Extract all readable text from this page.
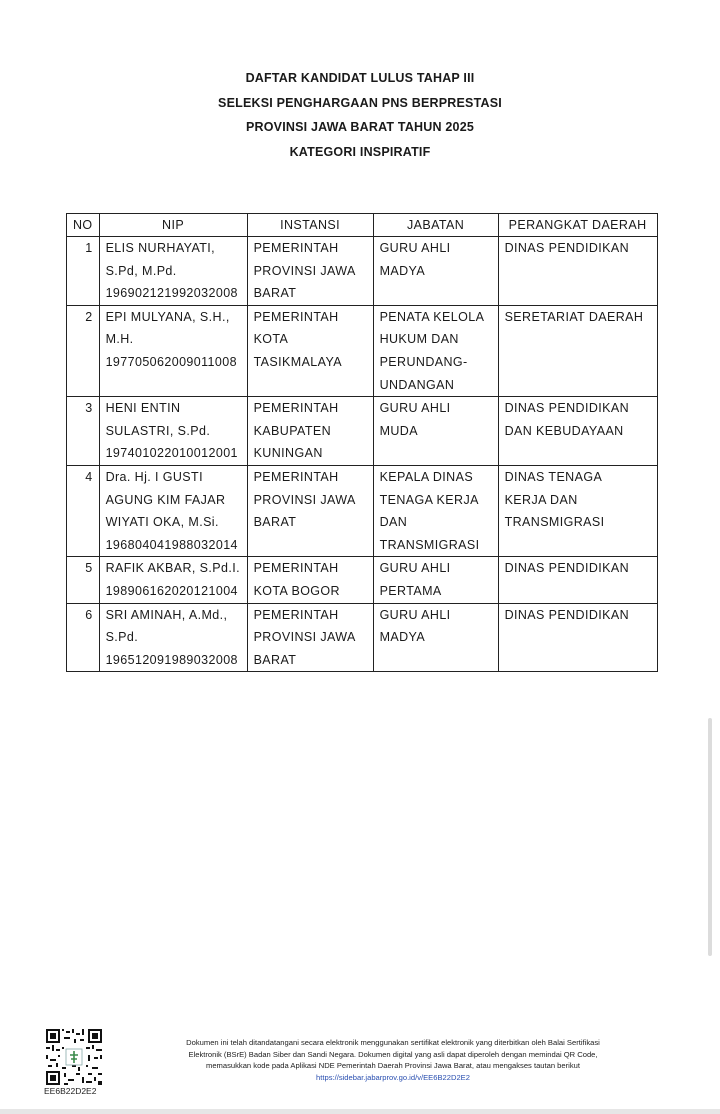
DAFTAR KANDIDAT LULUS TAHAP III
SELEKSI PENGHARGAAN PNS BERPRESTASI
PROVINSI JAWA BARAT TAHUN 2025
KATEGORI INSPIRATIF
NO	NIP	INSTANSI	JABATAN	PERANGKAT DAERAH
1	ELIS NURHAYATI,
S.Pd, M.Pd.
196902121992032008	PEMERINTAH
PROVINSI JAWA
BARAT	GURU AHLI
MADYA	DINAS PENDIDIKAN

2	EPI MULYANA, S.H.,
M.H.
197705062009011008	PEMERINTAH
KOTA
TASIKMALAYA	PENATA KELOLA
HUKUM DAN
PERUNDANG-
UNDANGAN	SERETARIAT DAERAH

3	HENI ENTIN
SULASTRI, S.Pd.
197401022010012001	PEMERINTAH
KABUPATEN
KUNINGAN	GURU AHLI
MUDA	DINAS PENDIDIKAN
DAN KEBUDAYAAN

4	Dra. Hj. I GUSTI
AGUNG KIM FAJAR
WIYATI OKA, M.Si.
196804041988032014	PEMERINTAH
PROVINSI JAWA
BARAT	KEPALA DINAS
TENAGA KERJA
DAN
TRANSMIGRASI	DINAS TENAGA
KERJA DAN
TRANSMIGRASI

5	RAFIK AKBAR, S.Pd.I.
198906162020121004	PEMERINTAH
KOTA BOGOR	GURU AHLI
PERTAMA	DINAS PENDIDIKAN

6	SRI AMINAH, A.Md.,
S.Pd.
196512091989032008	PEMERINTAH
PROVINSI JAWA
BARAT	GURU AHLI
MADYA	DINAS PENDIDIKAN
EE6B22D2E2
Dokumen ini telah ditandatangani secara elektronik menggunakan sertifikat elektronik yang diterbitkan oleh Balai Sertifikasi
Elektronik (BSrE) Badan Siber dan Sandi Negara. Dokumen digital yang asli dapat diperoleh dengan memindai QR Code,
memasukkan kode pada Aplikasi NDE Pemerintah Daerah Provinsi Jawa Barat, atau mengakses tautan berikut
https://sidebar.jabarprov.go.id/v/EE6B22D2E2
